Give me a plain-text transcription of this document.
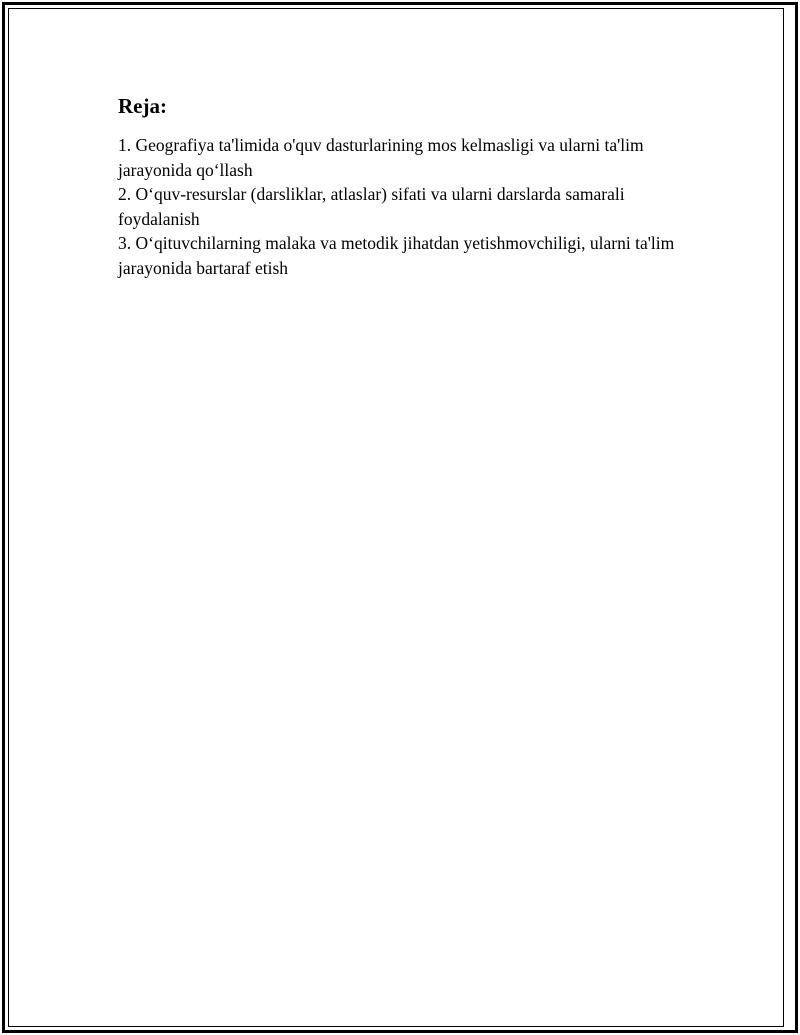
Reja:

1. Geografiya ta'limida o'quv dasturlarining mos kelmasligi va ularni ta'lim jarayonida qo‘llash

2. O‘quv-resurslar (darsliklar, atlaslar) sifati va ularni darslarda samarali foydalanish

3. O‘qituvchilarning malaka va metodik jihatdan yetishmovchiligi, ularni ta'lim jarayonida bartaraf etish
